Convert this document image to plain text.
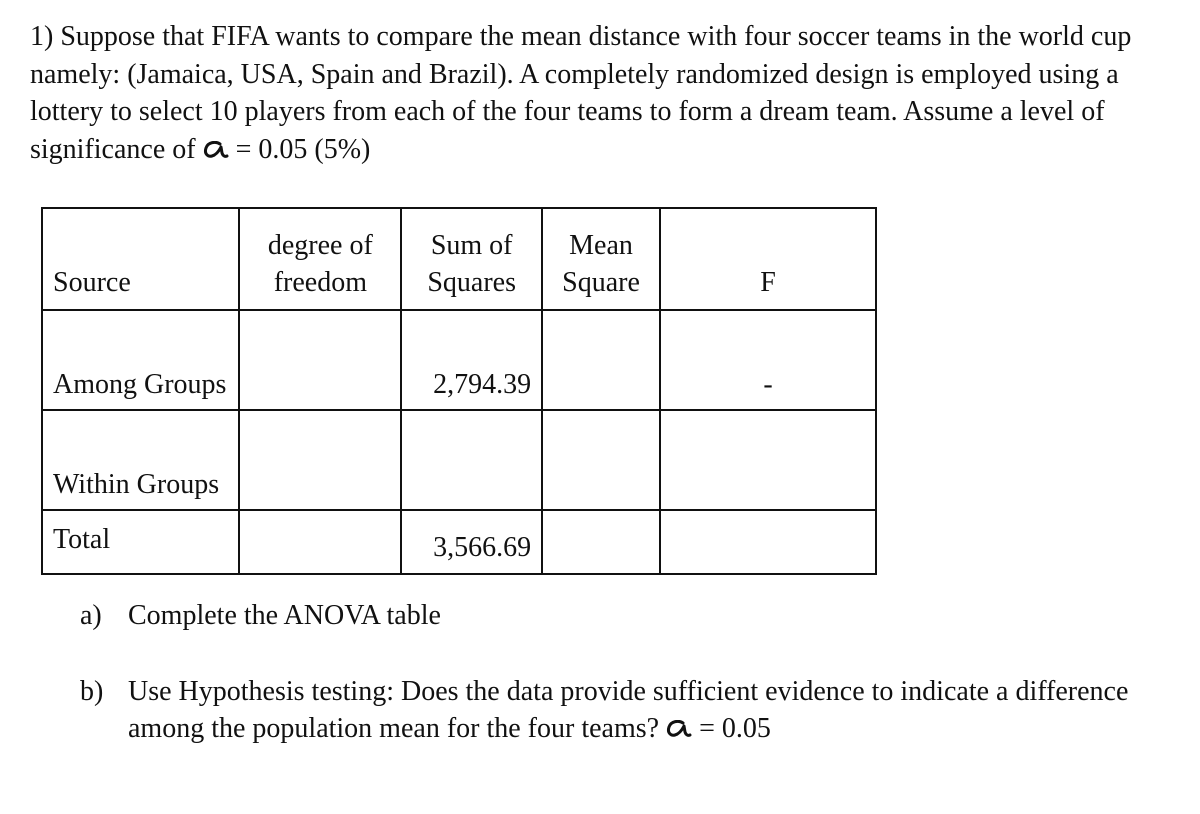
1) Suppose that FIFA wants to compare the mean distance with four soccer teams in the world cup namely: (Jamaica, USA, Spain and Brazil). A completely randomized design is employed using a lottery to select 10 players from each of the four teams to form a dream team. Assume a level of significance of
= 0.05 (5%)

Source	degree of freedom	Sum of Squares	Mean Square	F
Among Groups		2,794.39		-
Within Groups				
Total		3,566.69		
a) Complete the ANOVA table
b) Use Hypothesis testing: Does the data provide sufficient evidence to indicate a difference among the population mean for the four teams?
= 0.05
